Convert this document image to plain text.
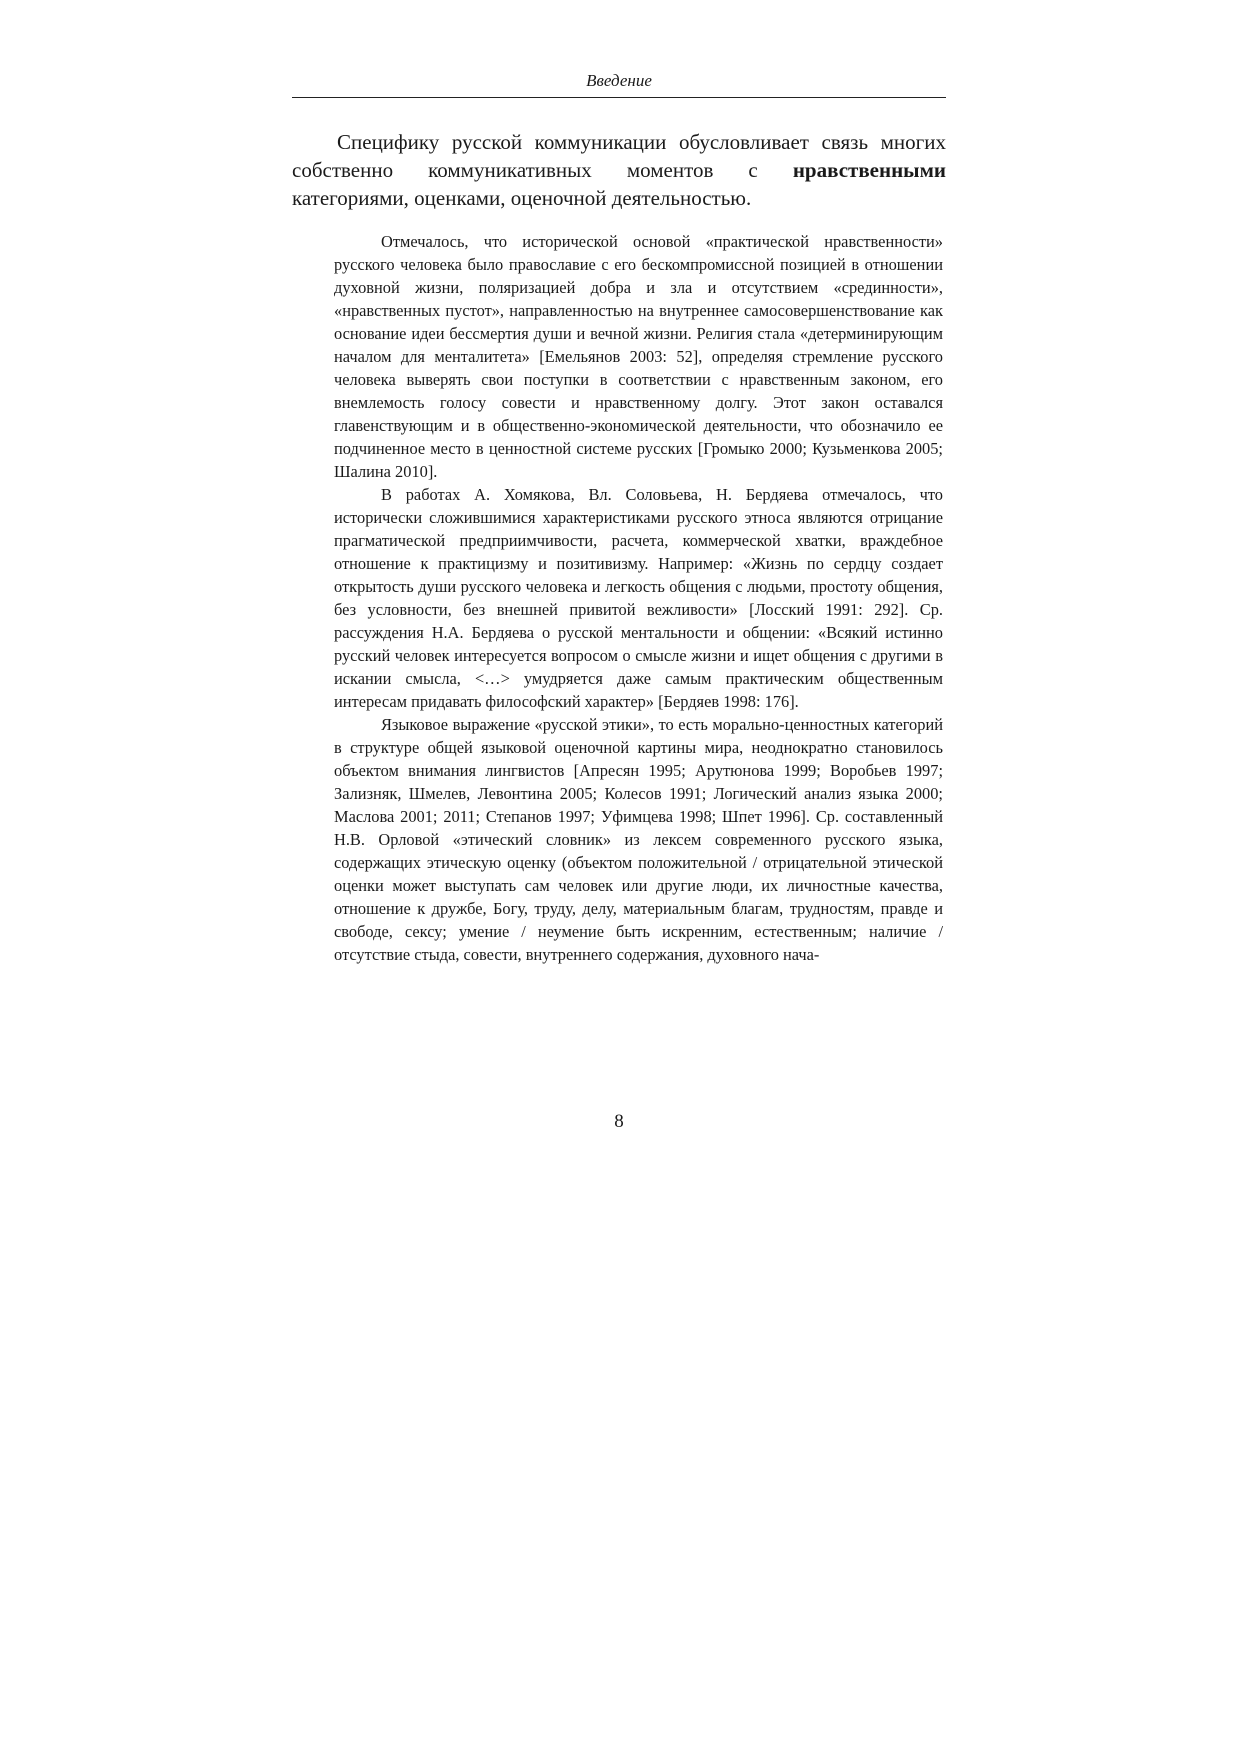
Введение

Специфику русской коммуникации обусловливает связь многих собственно коммуникативных моментов с нравственными категориями, оценками, оценочной деятельностью.

Отмечалось, что исторической основой «практической нравственности» русского человека было православие с его бескомпромиссной позицией в отношении духовной жизни, поляризацией добра и зла и отсутствием «срединности», «нравственных пустот», направленностью на внутреннее самосовершенствование как основание идеи бессмертия души и вечной жизни. Религия стала «детерминирующим началом для менталитета» [Емельянов 2003: 52], определяя стремление русского человека выверять свои поступки в соответствии с нравственным законом, его внемлемость голосу совести и нравственному долгу. Этот закон оставался главенствующим и в общественно-экономической деятельности, что обозначило ее подчиненное место в ценностной системе русских [Громыко 2000; Кузьменкова 2005; Шалина 2010].

В работах А. Хомякова, Вл. Соловьева, Н. Бердяева отмечалось, что исторически сложившимися характеристиками русского этноса являются отрицание прагматической предприимчивости, расчета, коммерческой хватки, враждебное отношение к практицизму и позитивизму. Например: «Жизнь по сердцу создает открытость души русского человека и легкость общения с людьми, простоту общения, без условности, без внешней привитой вежливости» [Лосский 1991: 292]. Ср. рассуждения Н.А. Бердяева о русской ментальности и общении: «Всякий истинно русский человек интересуется вопросом о смысле жизни и ищет общения с другими в искании смысла, <…> умудряется даже самым практическим общественным интересам придавать философский характер» [Бердяев 1998: 176].

Языковое выражение «русской этики», то есть морально-ценностных категорий в структуре общей языковой оценочной картины мира, неоднократно становилось объектом внимания лингвистов [Апресян 1995; Арутюнова 1999; Воробьев 1997; Зализняк, Шмелев, Левонтина 2005; Колесов 1991; Логический анализ языка 2000; Маслова 2001; 2011; Степанов 1997; Уфимцева 1998; Шпет 1996]. Ср. составленный Н.В. Орловой «этический словник» из лексем современного русского языка, содержащих этическую оценку (объектом положительной / отрицательной этической оценки может выступать сам человек или другие люди, их личностные качества, отношение к дружбе, Богу, труду, делу, материальным благам, трудностям, правде и свободе, сексу; умение / неумение быть искренним, естественным; наличие / отсутствие стыда, совести, внутреннего содержания, духовного нача-

8
